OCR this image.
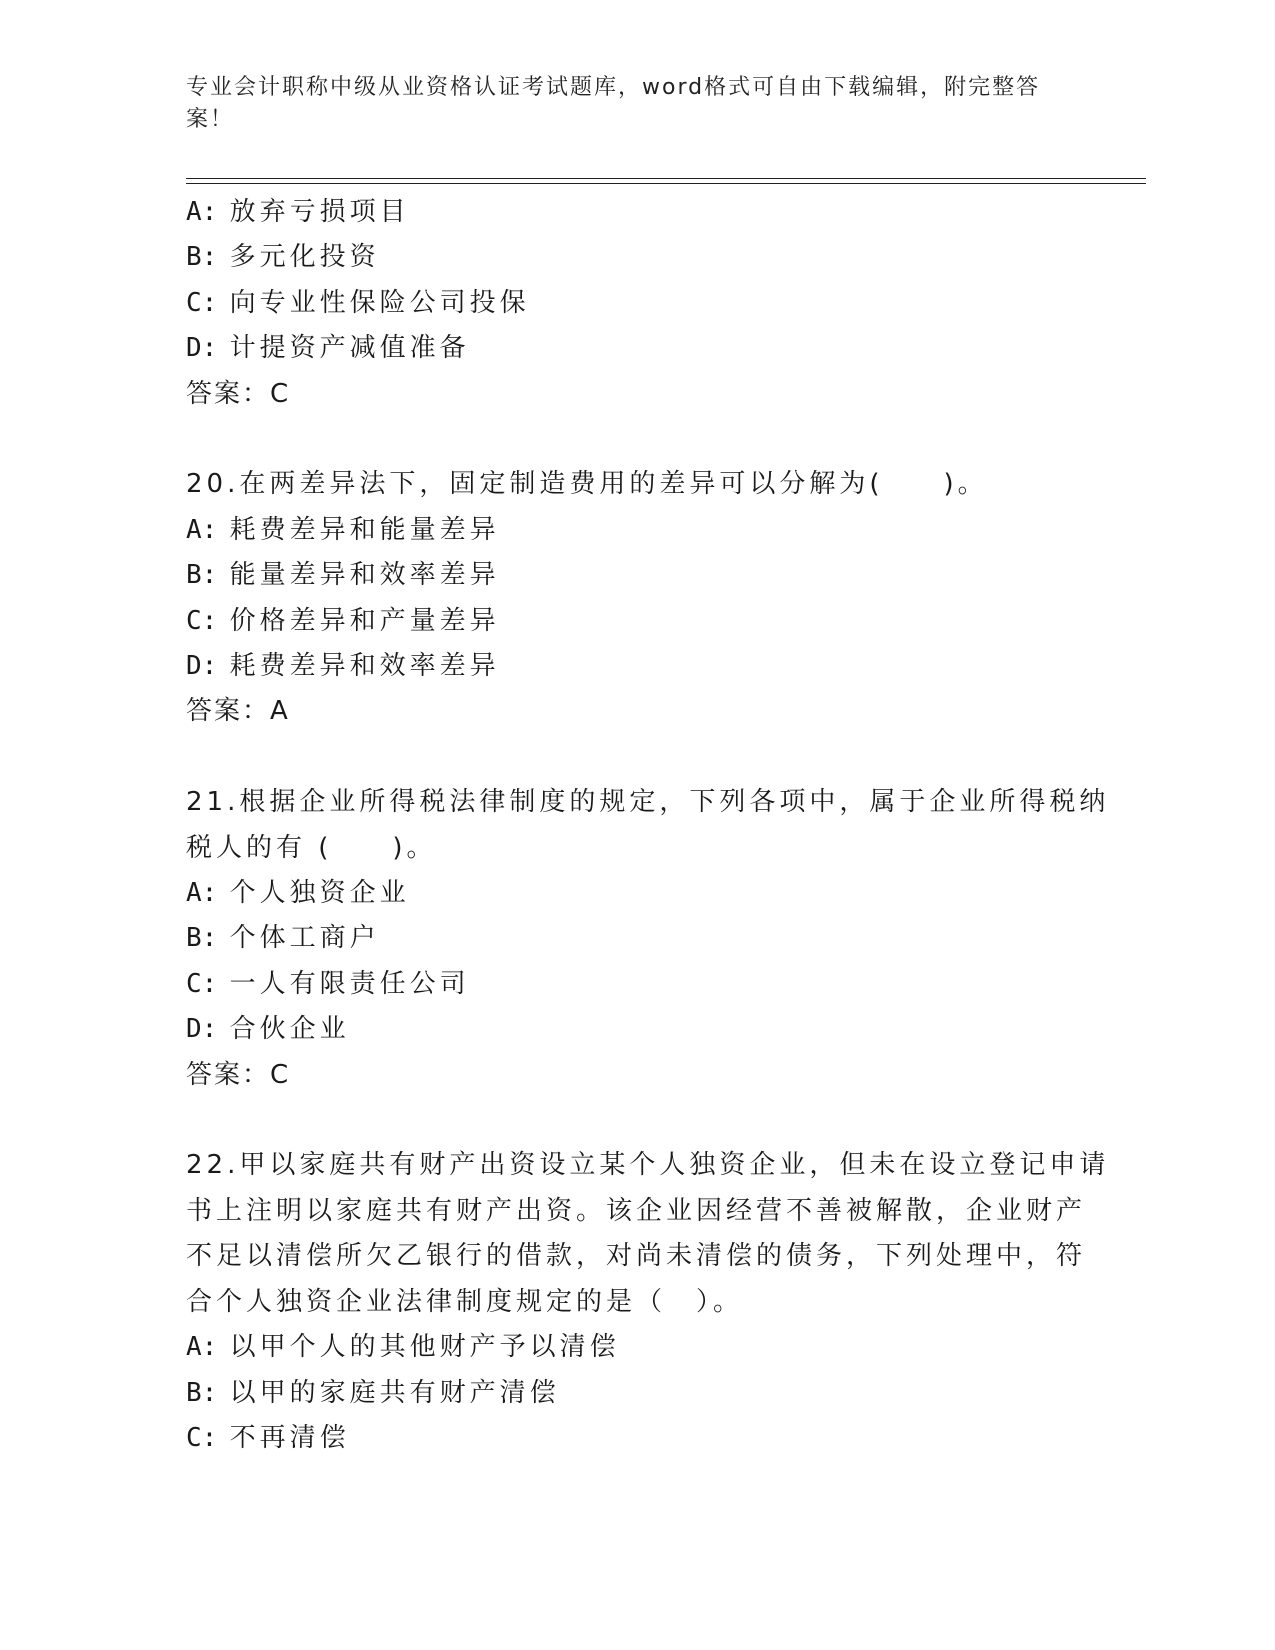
专业会计职称中级从业资格认证考试题库，word格式可自由下载编辑，附完整答案！
A: 放弃亏损项目
B: 多元化投资
C: 向专业性保险公司投保
D: 计提资产减值准备
答案：C
20.在两差异法下，固定制造费用的差异可以分解为(　　)。
A: 耗费差异和能量差异
B: 能量差异和效率差异
C: 价格差异和产量差异
D: 耗费差异和效率差异
答案：A
21.根据企业所得税法律制度的规定，下列各项中，属于企业所得税纳
税人的有 (　　)。
A: 个人独资企业
B: 个体工商户
C: 一人有限责任公司
D: 合伙企业
答案：C
22.甲以家庭共有财产出资设立某个人独资企业，但未在设立登记申请
书上注明以家庭共有财产出资。该企业因经营不善被解散，企业财产
不足以清偿所欠乙银行的借款，对尚未清偿的债务，下列处理中，符
合个人独资企业法律制度规定的是（　）。
A: 以甲个人的其他财产予以清偿
B: 以甲的家庭共有财产清偿
C: 不再清偿
